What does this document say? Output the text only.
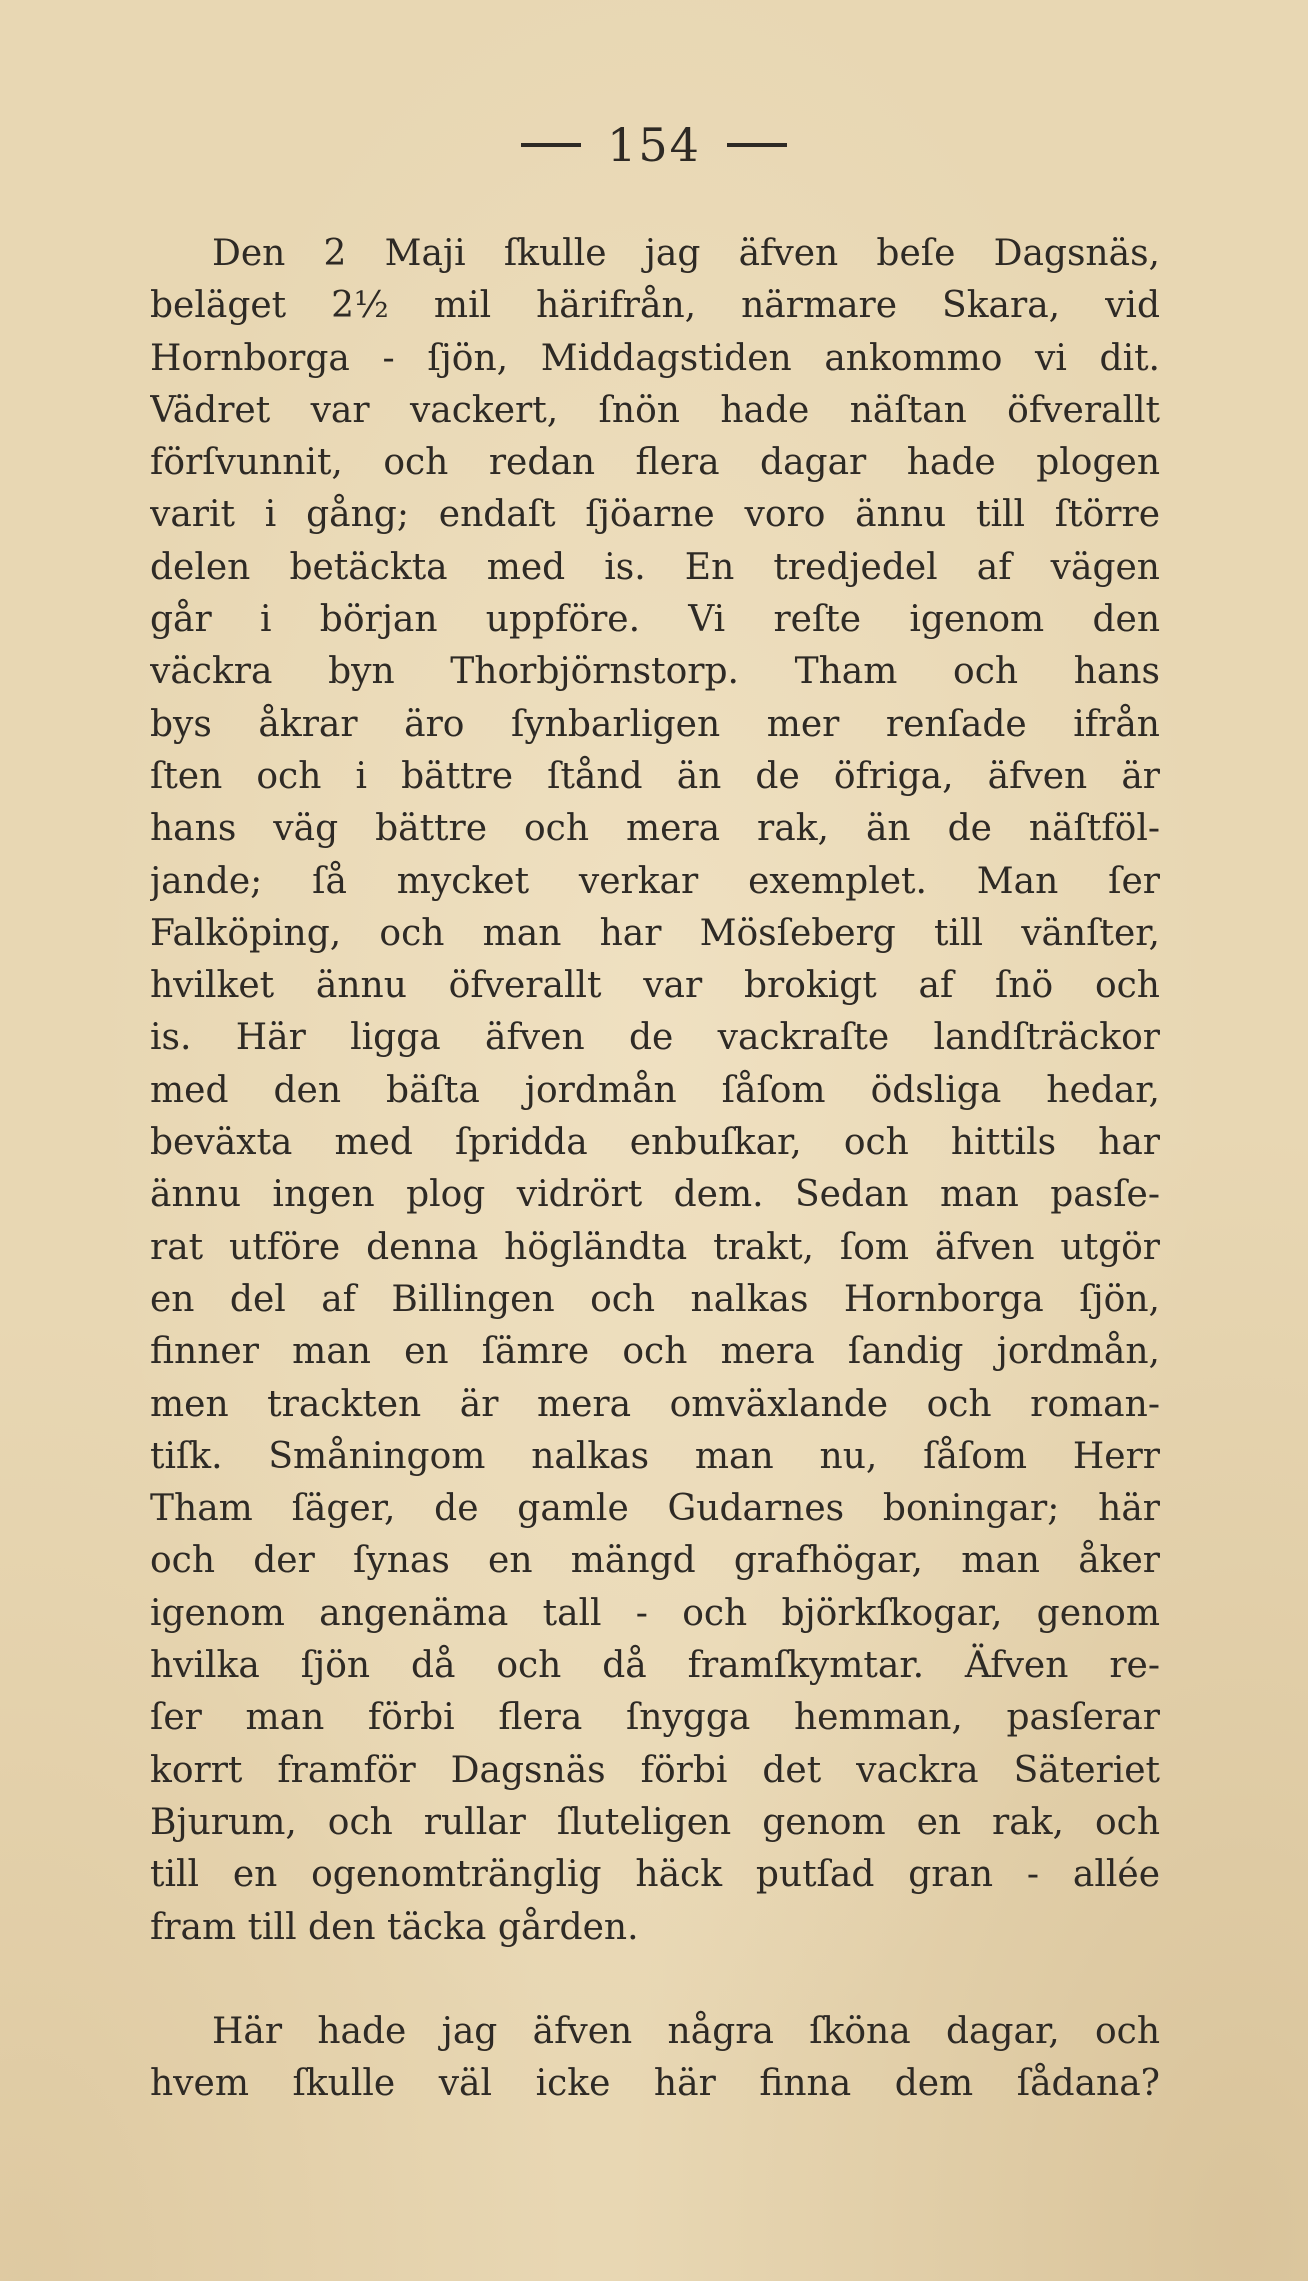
154
Den 2 Maji ſkulle jag äfven beſe Dagsnäs,
beläget 2½ mil härifrån, närmare Skara, vid
Hornborga - ſjön, Middagstiden ankommo vi dit.
Vädret var vackert, ſnön hade näſtan öfverallt
förſvunnit, och redan flera dagar hade plogen
varit i gång; endaſt ſjöarne voro ännu till ſtörre
delen betäckta med is. En tredjedel af vägen
går i början uppföre. Vi reſte igenom den
väckra byn Thorbjörnstorp. Tham och hans
bys åkrar äro ſynbarligen mer renſade ifrån
ſten och i bättre ſtånd än de öfriga, äfven är
hans väg bättre och mera rak, än de näſtföl-
jande; ſå mycket verkar exemplet. Man ſer
Falköping, och man har Mösſeberg till vänſter,
hvilket ännu öfverallt var brokigt af ſnö och
is. Här ligga äfven de vackraſte landſträckor
med den bäſta jordmån ſåſom ödsliga hedar,
beväxta med ſpridda enbuſkar, och hittils har
ännu ingen plog vidrört dem. Sedan man pasſe-
rat utföre denna högländta trakt, ſom äfven utgör
en del af Billingen och nalkas Hornborga ſjön,
finner man en ſämre och mera ſandig jordmån,
men trackten är mera omväxlande och roman-
tiſk. Småningom nalkas man nu, ſåſom Herr
Tham ſäger, de gamle Gudarnes boningar; här
och der ſynas en mängd grafhögar, man åker
igenom angenäma tall - och björkſkogar, genom
hvilka ſjön då och då framſkymtar. Äfven re-
ſer man förbi flera ſnygga hemman, pasſerar
korrt framför Dagsnäs förbi det vackra Säteriet
Bjurum, och rullar ſluteligen genom en rak, och
till en ogenomtränglig häck putſad gran - allée
fram till den täcka gården.
Här hade jag äfven några ſköna dagar, och
hvem ſkulle väl icke här finna dem ſådana?
